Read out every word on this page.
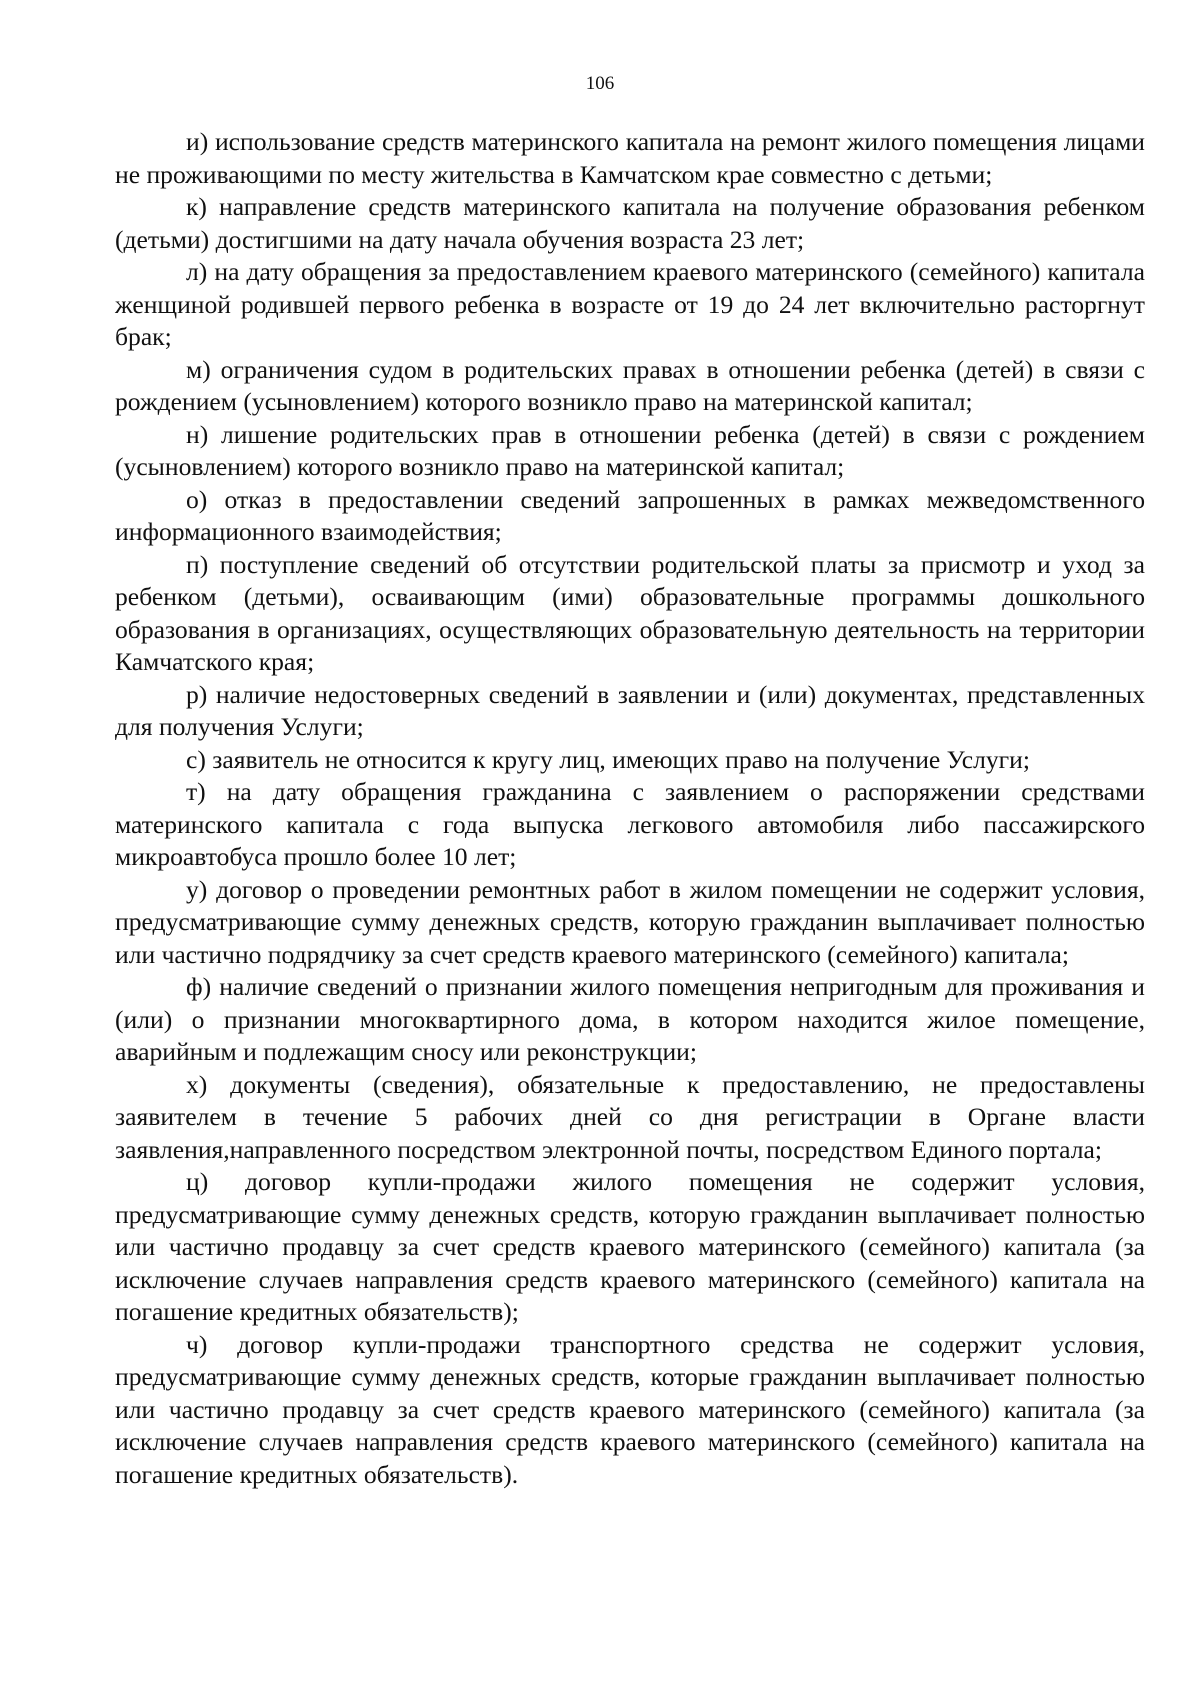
106

и) использование средств материнского капитала на ремонт жилого помещения лицами не проживающими по месту жительства в Камчатском крае совместно с детьми;

к) направление средств материнского капитала на получение образования ребенком (детьми) достигшими на дату начала обучения возраста 23 лет;

л) на дату обращения за предоставлением краевого материнского (семейного) капитала женщиной родившей первого ребенка в возрасте от 19 до 24 лет включительно расторгнут брак;

м) ограничения судом в родительских правах в отношении ребенка (детей) в связи с рождением (усыновлением) которого возникло право на материнской капитал;

н) лишение родительских прав в отношении ребенка (детей) в связи с рождением (усыновлением) которого возникло право на материнской капитал;

о) отказ в предоставлении сведений запрошенных в рамках межведомственного информационного взаимодействия;

п) поступление сведений об отсутствии родительской платы за присмотр и уход за ребенком (детьми), осваивающим (ими) образовательные программы дошкольного образования в организациях, осуществляющих образовательную деятельность на территории Камчатского края;

р) наличие недостоверных сведений в заявлении и (или) документах, представленных для получения Услуги;

с) заявитель не относится к кругу лиц, имеющих право на получение Услуги;

т) на дату обращения гражданина с заявлением о распоряжении средствами материнского капитала с года выпуска легкового автомобиля либо пассажирского микроавтобуса прошло более 10 лет;

у) договор о проведении ремонтных работ в жилом помещении не содержит условия, предусматривающие сумму денежных средств, которую гражданин выплачивает полностью или частично подрядчику за счет средств краевого материнского (семейного) капитала;

ф) наличие сведений о признании жилого помещения непригодным для проживания и (или) о признании многоквартирного дома, в котором находится жилое помещение, аварийным и подлежащим сносу или реконструкции;

х) документы (сведения), обязательные к предоставлению, не предоставлены заявителем в течение 5 рабочих дней со дня регистрации в Органе власти заявления,направленного посредством электронной почты, посредством Единого портала;

ц) договор купли-продажи жилого помещения не содержит условия, предусматривающие сумму денежных средств, которую гражданин выплачивает полностью или частично продавцу за счет средств краевого материнского (семейного) капитала (за исключение случаев направления средств краевого материнского (семейного) капитала на погашение кредитных обязательств);

ч) договор купли-продажи транспортного средства не содержит условия, предусматривающие сумму денежных средств, которые гражданин выплачивает полностью или частично продавцу за счет средств краевого материнского (семейного) капитала (за исключение случаев направления средств краевого материнского (семейного) капитала на погашение кредитных обязательств).
